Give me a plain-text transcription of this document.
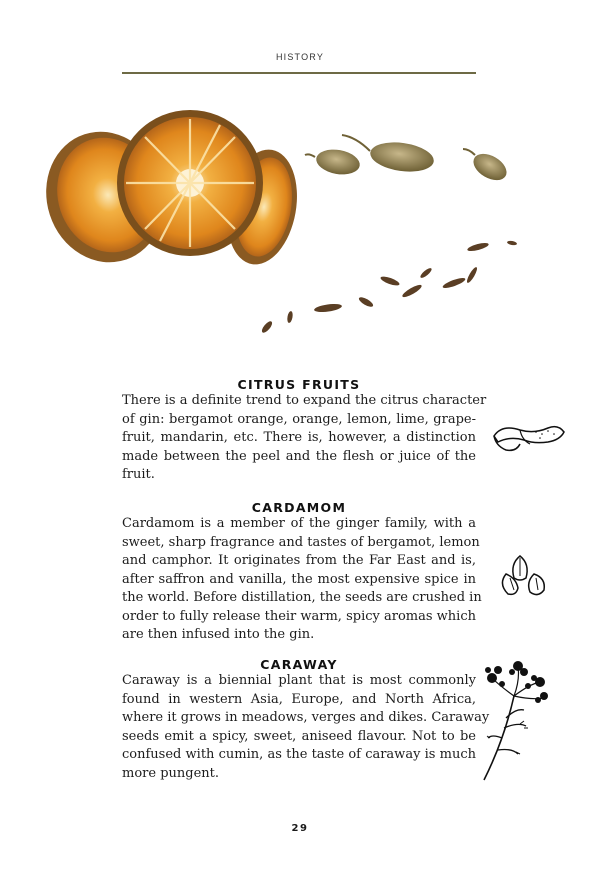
HISTORY
CITRUS FRUITS
There is a definite trend to expand the citrus character
of gin: bergamot orange, orange, lemon, lime, grape-
fruit, mandarin, etc. There is, however, a distinction
made between the peel and the flesh or juice of the
fruit.
CARDAMOM
Cardamom is a member of the ginger family, with a
sweet, sharp fragrance and tastes of bergamot, lemon
and camphor. It originates from the Far East and is,
after saffron and vanilla, the most expensive spice in
the world. Before distillation, the seeds are crushed in
order to fully release their warm, spicy aromas which
are then infused into the gin.
CARAWAY
Caraway is a biennial plant that is most commonly
found in western Asia, Europe, and North Africa,
where it grows in meadows, verges and dikes. Caraway
seeds emit a spicy, sweet, aniseed flavour. Not to be
confused with cumin, as the taste of caraway is much
more pungent.
29
